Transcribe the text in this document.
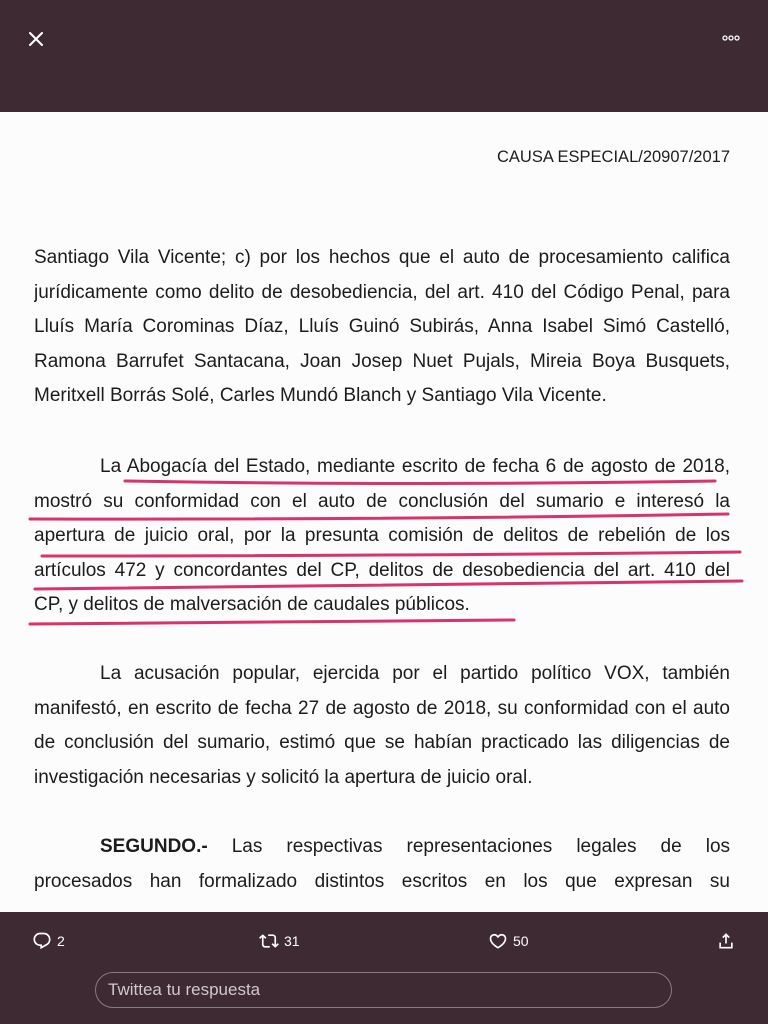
CAUSA ESPECIAL/20907/2017
Santiago Vila Vicente; c) por los hechos que el auto de procesamiento califica
jurídicamente como delito de desobediencia, del art. 410 del Código Penal, para
Lluís María Corominas Díaz, Lluís Guinó Subirás, Anna Isabel Simó Castelló,
Ramona Barrufet Santacana, Joan Josep Nuet Pujals, Mireia Boya Busquets,
Meritxell Borrás Solé, Carles Mundó Blanch y Santiago Vila Vicente.
La Abogacía del Estado, mediante escrito de fecha 6 de agosto de 2018,
mostró su conformidad con el auto de conclusión del sumario e interesó la
apertura de juicio oral, por la presunta comisión de delitos de rebelión de los
artículos 472 y concordantes del CP, delitos de desobediencia del art. 410 del
CP, y delitos de malversación de caudales públicos.
La acusación popular, ejercida por el partido político VOX, también
manifestó, en escrito de fecha 27 de agosto de 2018, su conformidad con el auto
de conclusión del sumario, estimó que se habían practicado las diligencias de
investigación necesarias y solicitó la apertura de juicio oral.
SEGUNDO.- Las respectivas representaciones legales de los
procesados han formalizado distintos escritos en los que expresan su
2	31	50
Twittea tu respuesta
